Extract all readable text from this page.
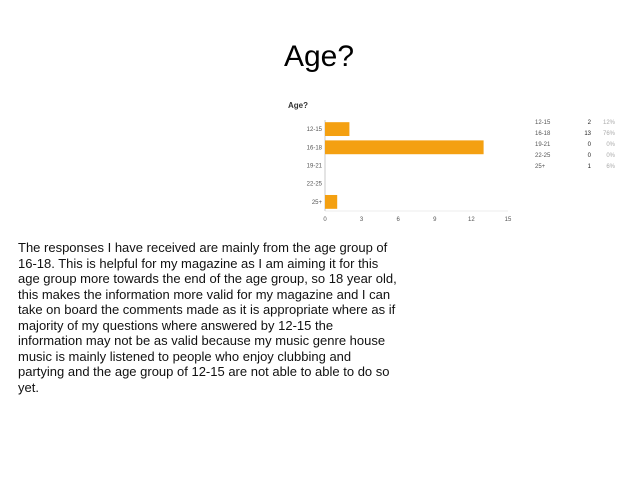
Age?
Age?
12-15
16-18
19-21
22-25
25+
0	3	6	9	12	15
12-15	2	12%
16-18	13	76%
19-21	0	0%
22-25	0	0%
25+	1	6%
The responses I have received are mainly from the age group of 16-18. This is helpful for my magazine as I am aiming it for this age group more towards the end of the age group, so 18 year old, this makes the information more valid for my magazine and I can take on board the comments made as it is appropriate where as if majority of my questions where answered by 12-15 the information may not be as valid because my music genre house music is mainly listened to people who enjoy clubbing and partying and the age group of 12-15 are not able to able to do so yet.
